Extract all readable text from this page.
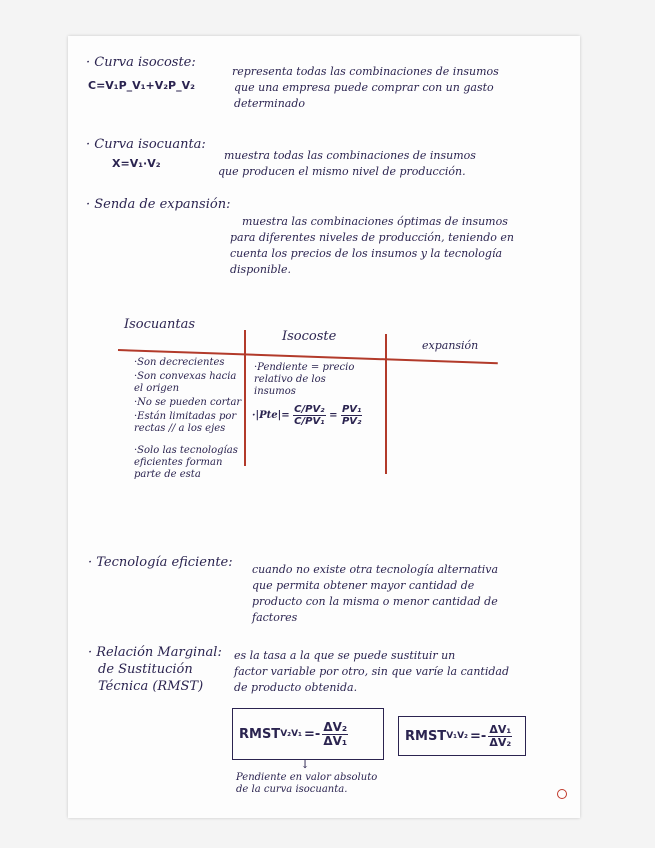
· Curva isocoste:
C=V₁P_V₁+V₂P_V₂
representa todas las combinaciones de insumos
que una empresa puede comprar con un gasto
determinado
· Curva isocuanta:
X=V₁·V₂
muestra todas las combinaciones de insumos
que producen el mismo nivel de producción.
· Senda de expansión:
muestra las combinaciones óptimas de insumos
para diferentes niveles de producción, teniendo en
cuenta los precios de los insumos y la tecnología
disponible.
Isocuantas
Isocoste
expansión
·Son decrecientes
·Son convexas hacia el origen
·No se pueden cortar
·Están limitadas por rectas // a los ejes
·Solo las tecnologías eficientes forman parte de esta
·Pendiente = precio relativo de los insumos
$\cdot|Pte|= \frac{\text{C/PV₂}}{\text{C/PV₁}} = \frac{\text{PV₁}}{\text{PV₂}}$
· Tecnología eficiente: cuando no existe otra tecnología alternativa
que permita obtener mayor cantidad de
producto con la misma o menor cantidad de
factores
· Relación Marginal:
de Sustitución
Técnica (RMST)
es la tasa a la que se puede sustituir un
factor variable por otro, sin que varíe la cantidad
de producto obtenida.
RMST $V_2V_1 =- \frac{\text{ΔV₂}}{\text{ΔV₁}}$	RMST $V_1V_2 =- \frac{\text{ΔV₁}}{\text{ΔV₂}}$
↓
Pendiente en valor absoluto
de la curva isocuanta.
